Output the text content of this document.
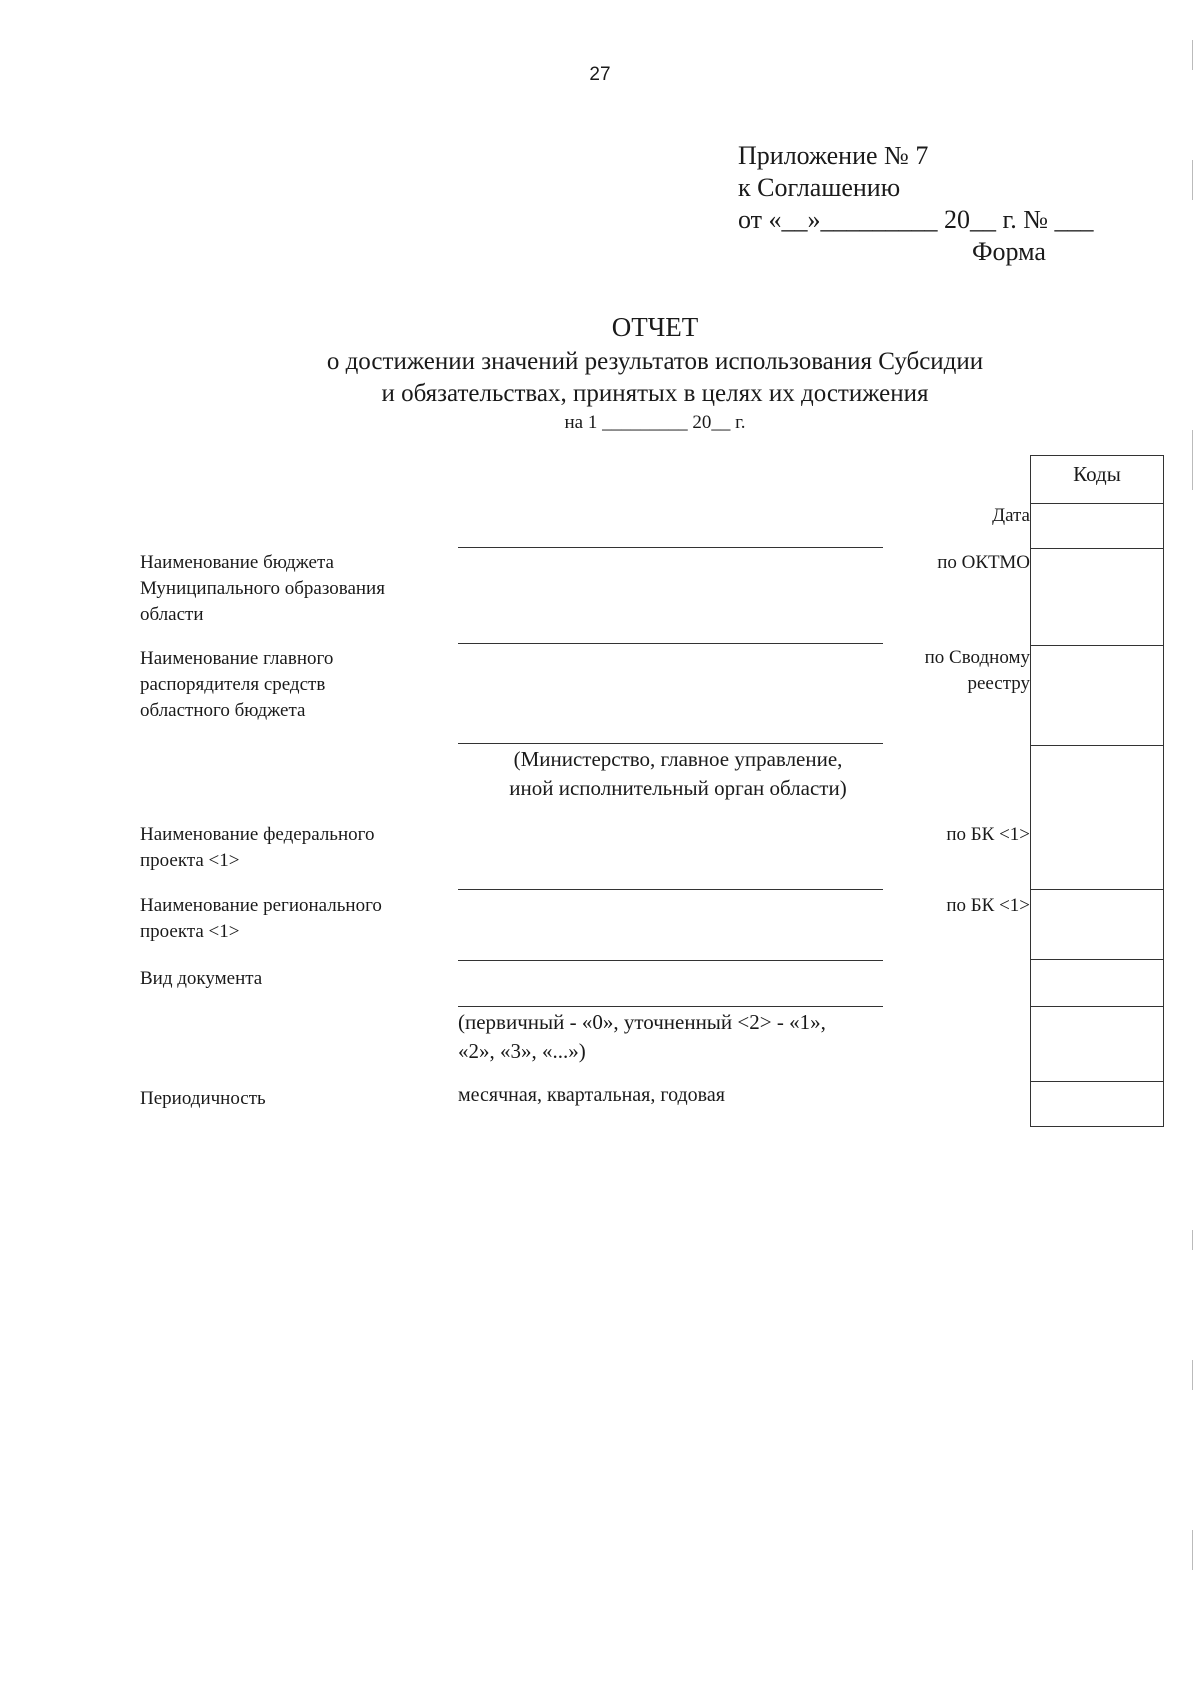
27
Приложение № 7
к Соглашению
от «__»_________ 20__ г. № ___
Форма
ОТЧЕТ
о достижении значений результатов использования Субсидии
и обязательствах, принятых в целях их достижения
на 1 _________ 20__ г.
Коды
Дата
по ОКТМО
по Сводному
реестру
по БК <1>
по БК <1>
Наименование бюджета
Муниципального образования
области
Наименование главного
распорядителя средств
областного бюджета
(Министерство, главное управление,
иной исполнительный орган области)
Наименование федерального
проекта <1>
Наименование регионального
проекта <1>
Вид документа
(первичный - «0», уточненный <2> - «1»,
«2», «3», «...»)
Периодичность	месячная, квартальная, годовая
